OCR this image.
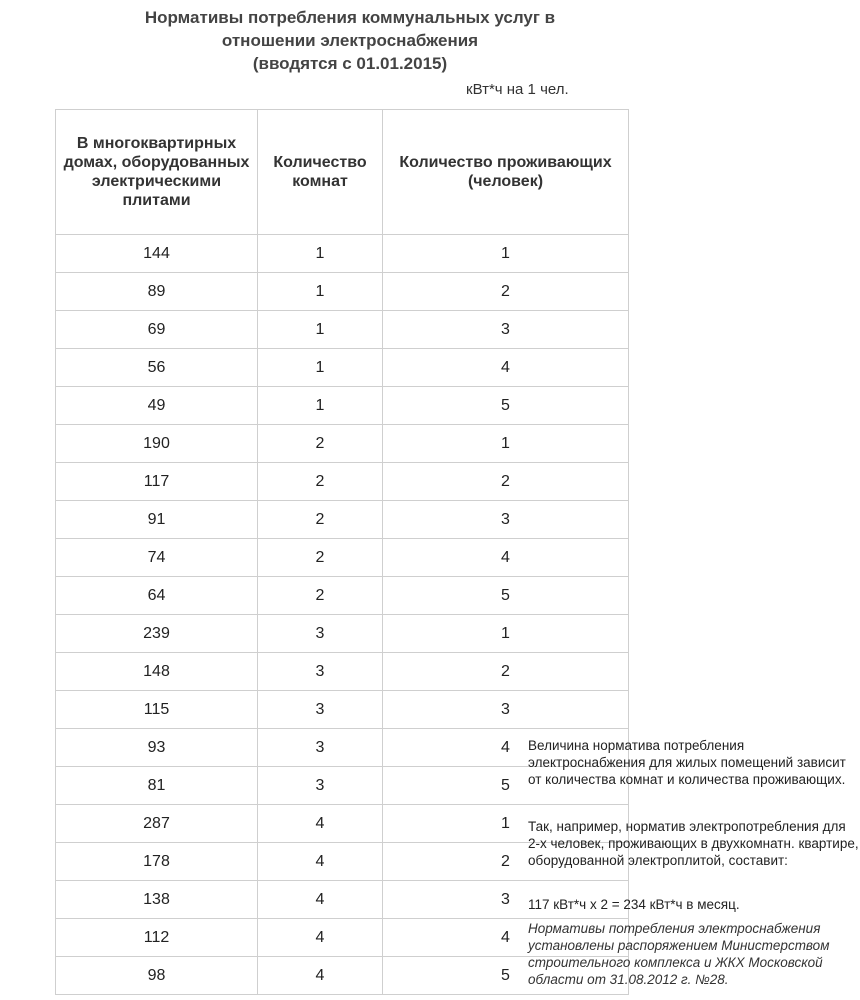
Нормативы потребления коммунальных услуг в
отношении электроснабжения
(вводятся с 01.01.2015)
кВт*ч на 1 чел.
В многоквартирных домах, оборудованных электрическими плитами	Количество комнат	Количество проживающих (человек)
144	1	1
89	1	2
69	1	3
56	1	4
49	1	5
190	2	1
117	2	2
91	2	3
74	2	4
64	2	5
239	3	1
148	3	2
115	3	3
93	3	4
81	3	5
287	4	1
178	4	2
138	4	3
112	4	4
98	4	5
Величина норматива потребления электроснабжения для жилых помещений зависит от количества комнат и количества проживающих.
Так, например, норматив электропотребления для 2-х человек, проживающих в двухкомнатн. квартире, оборудованной электроплитой, составит:
117 кВт*ч x 2 = 234 кВт*ч в месяц.
Нормативы потребления электроснабжения установлены распоряжением Министерством строительного комплекса и ЖКХ Московской области от 31.08.2012 г. №28.
